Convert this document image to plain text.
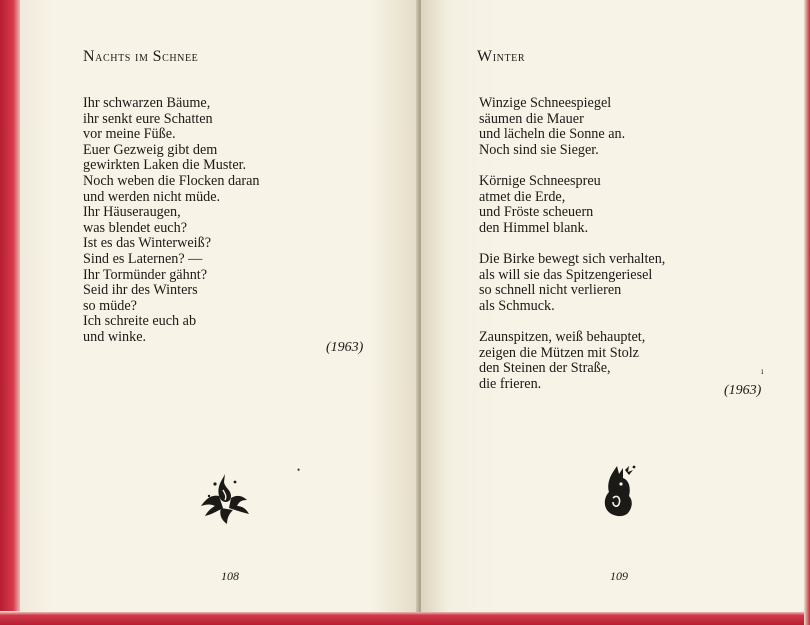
Nachts im Schnee
Ihr schwarzen Bäume,
ihr senkt eure Schatten
vor meine Füße.
Euer Gezweig gibt dem
gewirkten Laken die Muster.
Noch weben die Flocken daran
und werden nicht müde.
Ihr Häuseraugen,
was blendet euch?
Ist es das Winterweiß?
Sind es Laternen? —
Ihr Tormünder gähnt?
Seid ihr des Winters
so müde?
Ich schreite euch ab
und winke.
(1963)
•
108
Winter
Winzige Schneespiegel
säumen die Mauer
und lächeln die Sonne an.
Noch sind sie Sieger.
Körnige Schneespreu
atmet die Erde,
und Fröste scheuern
den Himmel blank.
Die Birke bewegt sich verhalten,
als will sie das Spitzengeriesel
so schnell nicht verlieren
als Schmuck.
Zaunspitzen, weiß behauptet,
zeigen die Mützen mit Stolz
den Steinen der Straße,
die frieren.
ı
(1963)
109
